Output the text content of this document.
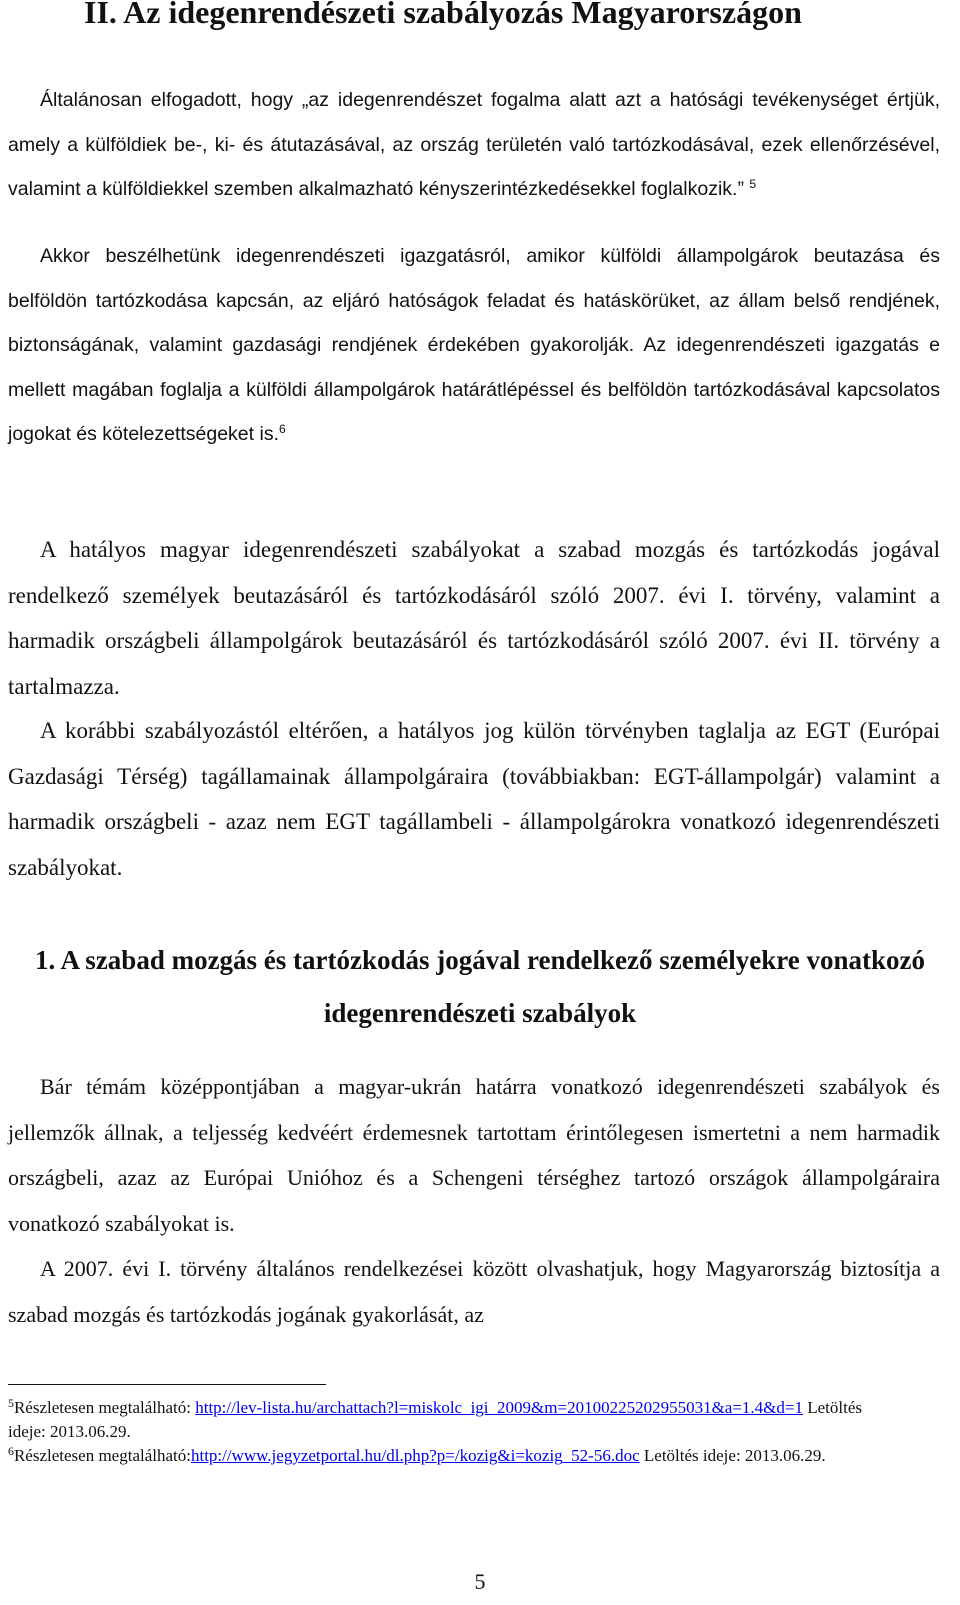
II. Az idegenrendészeti szabályozás Magyarországon

Általánosan elfogadott, hogy „az idegenrendészet fogalma alatt azt a hatósági tevékenységet értjük, amely a külföldiek be-, ki- és átutazásával, az ország területén való tartózkodásával, ezek ellenőrzésével, valamint a külföldiekkel szemben alkalmazható kényszerintézkedésekkel foglalkozik.” $^5$

Akkor beszélhetünk idegenrendészeti igazgatásról, amikor külföldi állampolgárok beutazása és belföldön tartózkodása kapcsán, az eljáró hatóságok feladat és hatáskörüket, az állam belső rendjének, biztonságának, valamint gazdasági rendjének érdekében gyakorolják. Az idegenrendészeti igazgatás e mellett magában foglalja a külföldi állampolgárok határátlépéssel és belföldön tartózkodásával kapcsolatos jogokat és kötelezettségeket is.$^6$

A hatályos magyar idegenrendészeti szabályokat a szabad mozgás és tartózkodás jogával rendelkező személyek beutazásáról és tartózkodásáról szóló 2007. évi I. törvény, valamint a harmadik országbeli állampolgárok beutazásáról és tartózkodásáról szóló 2007. évi II. törvény a tartalmazza.

A korábbi szabályozástól eltérően, a hatályos jog külön törvényben taglalja az EGT (Európai Gazdasági Térség) tagállamainak állampolgáraira (továbbiakban: EGT-állampolgár) valamint a harmadik országbeli - azaz nem EGT tagállambeli - állampolgárokra vonatkozó idegenrendészeti szabályokat.

1. A szabad mozgás és tartózkodás jogával rendelkező személyekre vonatkozó idegenrendészeti szabályok

Bár témám középpontjában a magyar-ukrán határra vonatkozó idegenrendészeti szabályok és jellemzők állnak, a teljesség kedvéért érdemesnek tartottam érintőlegesen ismertetni a nem harmadik országbeli, azaz az Európai Unióhoz és a Schengeni térséghez tartozó országok állampolgáraira vonatkozó szabályokat is.

A 2007. évi I. törvény általános rendelkezései között olvashatjuk, hogy Magyarország biztosítja a szabad mozgás és tartózkodás jogának gyakorlását, az

$^5$Részletesen megtalálható: http://lev-lista.hu/archattach?l=miskolc_igi_2009&m=20100225202955031&a=1.4&d=1 Letöltés ideje: 2013.06.29.

$^6$Részletesen megtalálható:http://www.jegyzetportal.hu/dl.php?p=/kozig&i=kozig_52-56.doc Letöltés ideje: 2013.06.29.

5
